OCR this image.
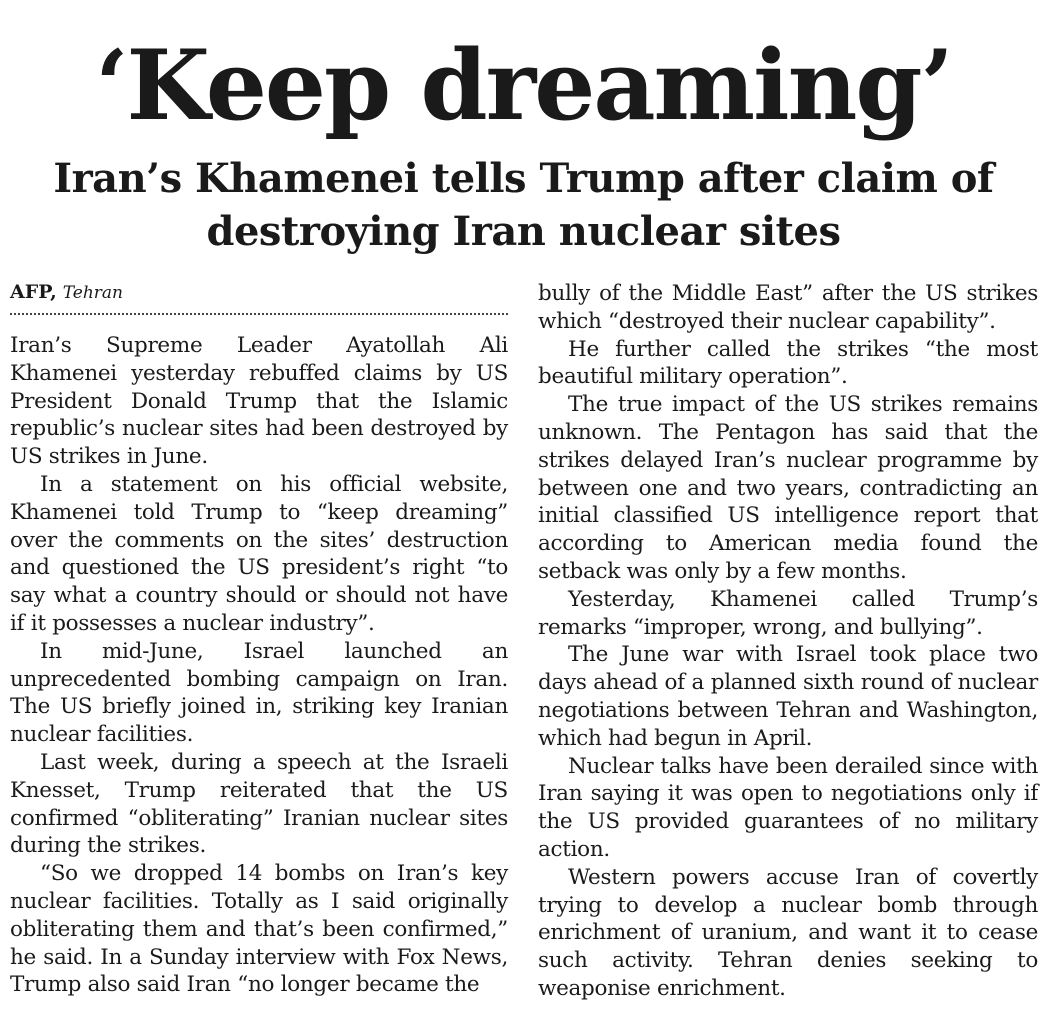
‘Keep dreaming’
Iran’s Khamenei tells Trump after claim of destroying Iran nuclear sites
AFP, Tehran

Iran’s Supreme Leader Ayatollah Ali Khamenei yesterday rebuffed claims by US President Donald Trump that the Islamic republic’s nuclear sites had been destroyed by US strikes in June.

In a statement on his official website, Khamenei told Trump to “keep dreaming” over the comments on the sites’ destruction and questioned the US president’s right “to say what a country should or should not have if it possesses a nuclear industry”.

In mid-June, Israel launched an unprecedented bombing campaign on Iran. The US briefly joined in, striking key Iranian nuclear facilities.

Last week, during a speech at the Israeli Knesset, Trump reiterated that the US confirmed “obliterating” Iranian nuclear sites during the strikes.

“So we dropped 14 bombs on Iran’s key nuclear facilities. Totally as I said originally obliterating them and that’s been confirmed,” he said. In a Sunday interview with Fox News, Trump also said Iran “no longer became the

bully of the Middle East” after the US strikes which “destroyed their nuclear capability”.

He further called the strikes “the most beautiful military operation”.

The true impact of the US strikes remains unknown. The Pentagon has said that the strikes delayed Iran’s nuclear programme by between one and two years, contradicting an initial classified US intelligence report that according to American media found the setback was only by a few months.

Yesterday, Khamenei called Trump’s remarks “improper, wrong, and bullying”.

The June war with Israel took place two days ahead of a planned sixth round of nuclear negotiations between Tehran and Washington, which had begun in April.

Nuclear talks have been derailed since with Iran saying it was open to negotiations only if the US provided guarantees of no military action.

Western powers accuse Iran of covertly trying to develop a nuclear bomb through enrichment of uranium, and want it to cease such activity. Tehran denies seeking to weaponise enrichment.
